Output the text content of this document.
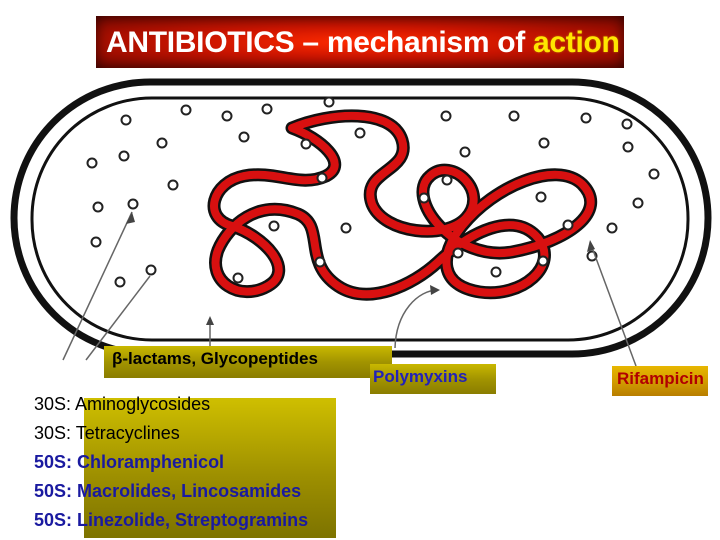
ANTIBIOTICS – mechanism of action
β-lactams, Glycopeptides
Polymyxins	Rifampicin
30S: Aminoglycosides
30S: Tetracyclines
50S: Chloramphenicol
50S: Macrolides, Lincosamides
50S: Linezolide, Streptogramins
